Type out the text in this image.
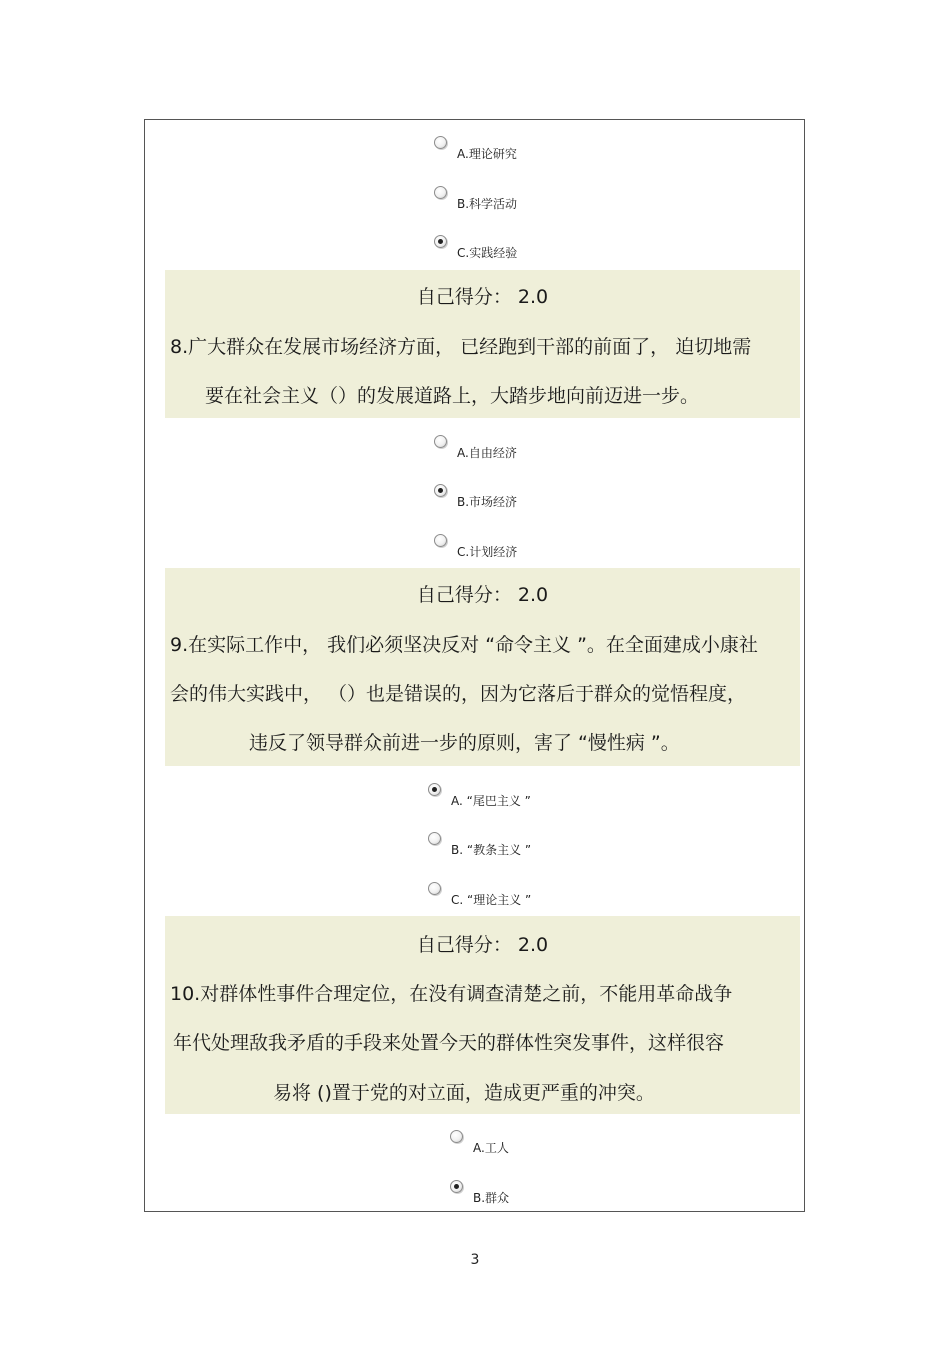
A.理论研究
B.科学活动
C.实践经验
自己得分： 2.0
8.广大群众在发展市场经济方面， 已经跑到干部的前面了， 迫切地需
要在社会主义（）的发展道路上，大踏步地向前迈进一步。
A.自由经济
B.市场经济
C.计划经济
自己得分： 2.0
9.在实际工作中， 我们必须坚决反对 “命令主义 ”。在全面建成小康社
会的伟大实践中， （）也是错误的，因为它落后于群众的觉悟程度，
违反了领导群众前进一步的原则，害了 “慢性病 ”。
A. “尾巴主义 ”
B. “教条主义 ”
C. “理论主义 ”
自己得分： 2.0
10.对群体性事件合理定位，在没有调查清楚之前，不能用革命战争
年代处理敌我矛盾的手段来处置今天的群体性突发事件，这样很容
易将 ()置于党的对立面，造成更严重的冲突。
A.工人
B.群众
3
